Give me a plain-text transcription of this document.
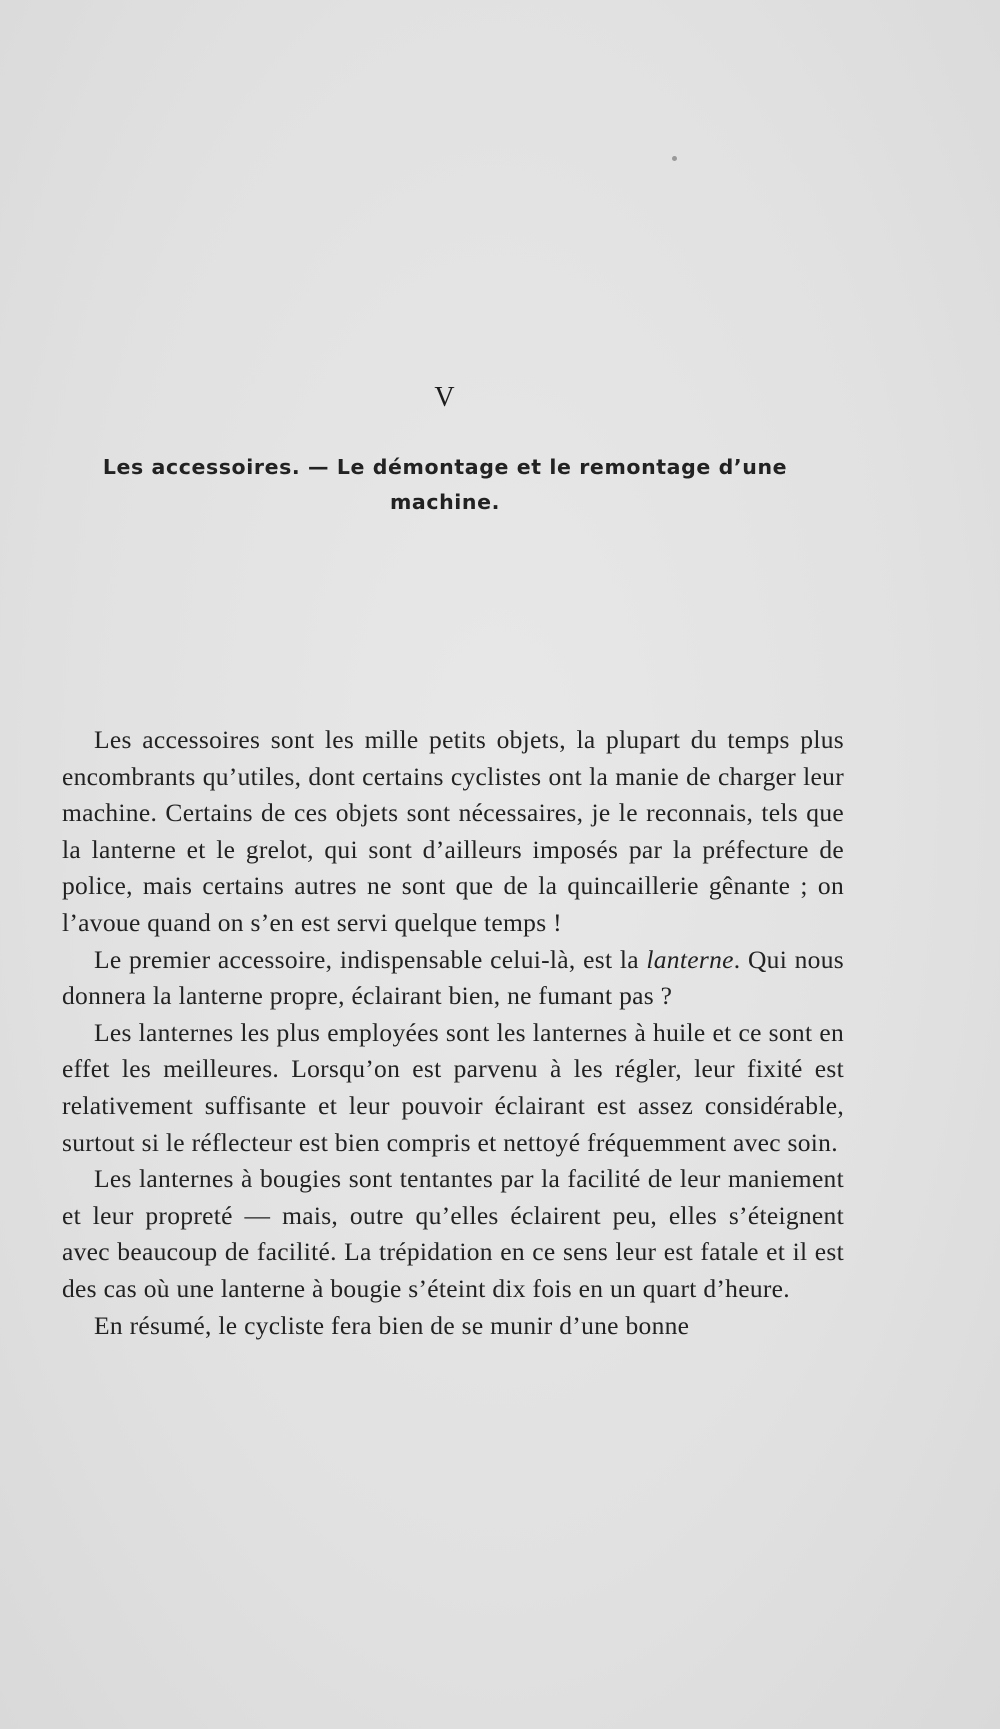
V
Les accessoires. — Le démontage et le remontage d’une machine.

Les accessoires sont les mille petits objets, la plupart du temps plus encombrants qu’utiles, dont certains cyclistes ont la manie de charger leur machine. Certains de ces objets sont nécessaires, je le reconnais, tels que la lanterne et le grelot, qui sont d’ailleurs imposés par la préfecture de police, mais certains autres ne sont que de la quincaillerie gênante ; on l’avoue quand on s’en est servi quelque temps !

Le premier accessoire, indispensable celui-là, est la lanterne. Qui nous donnera la lanterne propre, éclairant bien, ne fumant pas ?

Les lanternes les plus employées sont les lanternes à huile et ce sont en effet les meilleures. Lorsqu’on est parvenu à les régler, leur fixité est relativement suffisante et leur pouvoir éclairant est assez considérable, surtout si le réflecteur est bien compris et nettoyé fréquemment avec soin.

Les lanternes à bougies sont tentantes par la facilité de leur maniement et leur propreté — mais, outre qu’elles éclairent peu, elles s’éteignent avec beaucoup de facilité. La trépidation en ce sens leur est fatale et il est des cas où une lanterne à bougie s’éteint dix fois en un quart d’heure.

En résumé, le cycliste fera bien de se munir d’une bonne
